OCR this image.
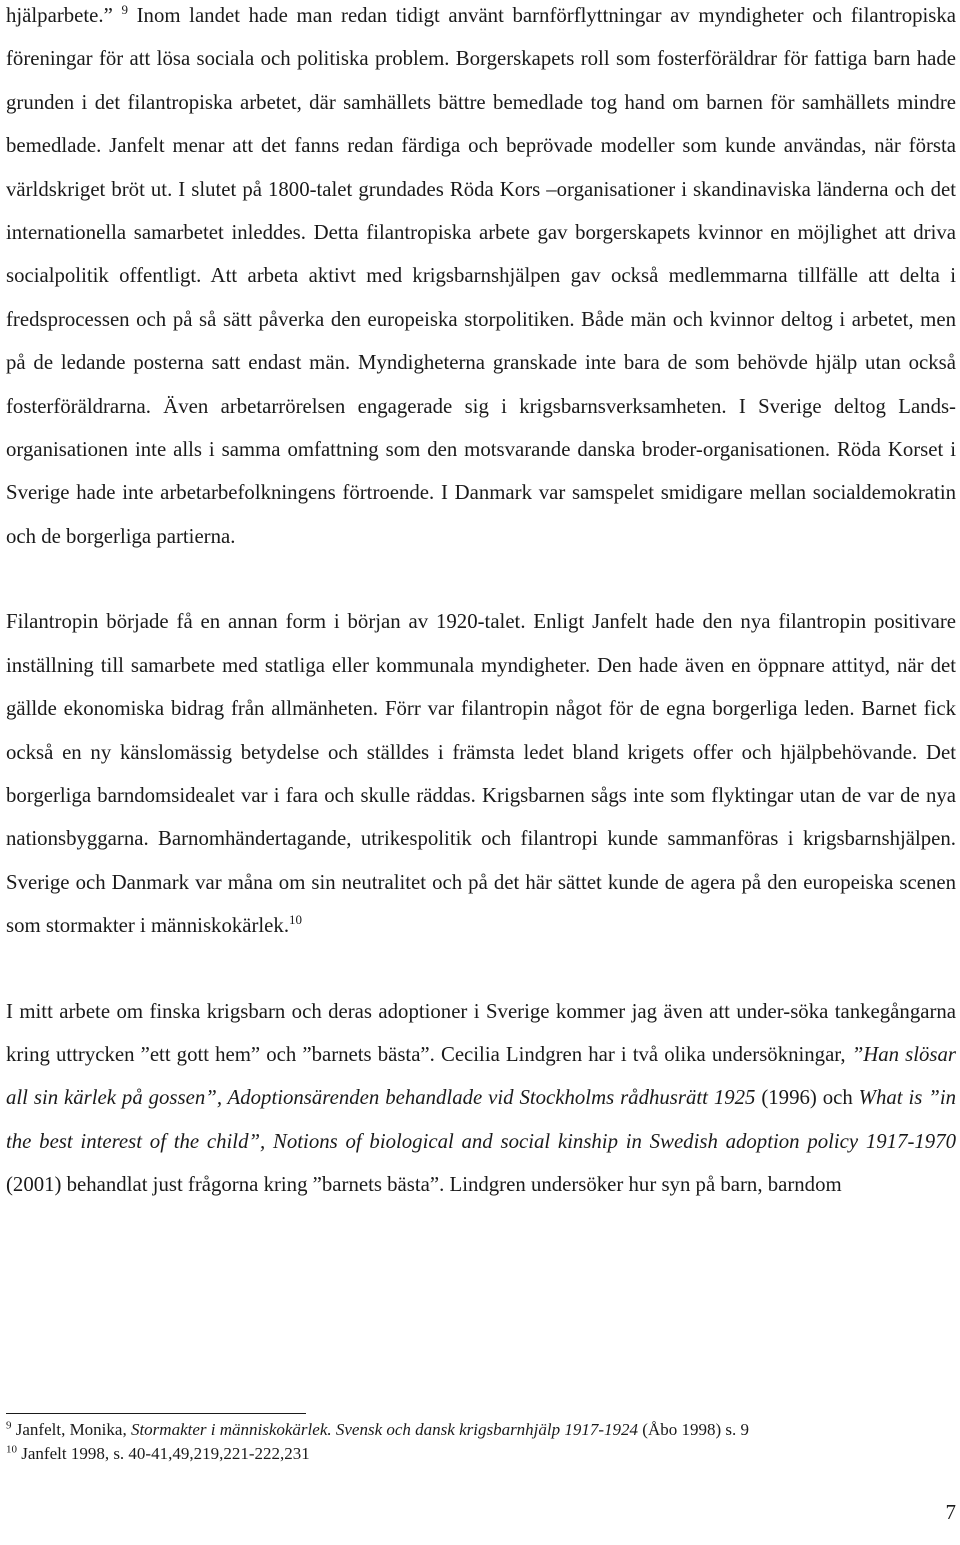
hjälparbete.” $^9$ Inom landet hade man redan tidigt använt barnförflyttningar av myndigheter och filantropiska föreningar för att lösa sociala och politiska problem. Borgerskapets roll som fosterföräldrar för fattiga barn hade grunden i det filantropiska arbetet, där samhällets bättre bemedlade tog hand om barnen för samhällets mindre bemedlade. Janfelt menar att det fanns redan färdiga och beprövade modeller som kunde användas, när första världskriget bröt ut. I slutet på 1800-talet grundades Röda Kors –organisationer i skandinaviska länderna och det internationella samarbetet inleddes. Detta filantropiska arbete gav borgerskapets kvinnor en möjlighet att driva socialpolitik offentligt. Att arbeta aktivt med krigsbarnshjälpen gav också medlemmarna tillfälle att delta i fredsprocessen och på så sätt påverka den europeiska storpolitiken. Både män och kvinnor deltog i arbetet, men på de ledande posterna satt endast män. Myndigheterna granskade inte bara de som behövde hjälp utan också fosterföräldrarna. Även arbetarrörelsen engagerade sig i krigsbarnsverksamheten. I Sverige deltog Lands-organisationen inte alls i samma omfattning som den motsvarande danska broder-organisationen. Röda Korset i Sverige hade inte arbetarbefolkningens förtroende. I Danmark var samspelet smidigare mellan socialdemokratin och de borgerliga partierna.

Filantropin började få en annan form i början av 1920-talet. Enligt Janfelt hade den nya filantropin positivare inställning till samarbete med statliga eller kommunala myndigheter. Den hade även en öppnare attityd, när det gällde ekonomiska bidrag från allmänheten. Förr var filantropin något för de egna borgerliga leden. Barnet fick också en ny känslomässig betydelse och ställdes i främsta ledet bland krigets offer och hjälpbehövande. Det borgerliga barndomsidealet var i fara och skulle räddas. Krigsbarnen sågs inte som flyktingar utan de var de nya nationsbyggarna. Barnomhändertagande, utrikespolitik och filantropi kunde sammanföras i krigsbarnshjälpen. Sverige och Danmark var måna om sin neutralitet och på det här sättet kunde de agera på den europeiska scenen som stormakter i människokärlek.$^{10}$

I mitt arbete om finska krigsbarn och deras adoptioner i Sverige kommer jag även att under-söka tankegångarna kring uttrycken ”ett gott hem” och ”barnets bästa”. Cecilia Lindgren har i två olika undersökningar, ”Han slösar all sin kärlek på gossen”, Adoptionsärenden behandlade vid Stockholms rådhusrätt 1925 (1996) och What is ”in the best interest of the child”, Notions of biological and social kinship in Swedish adoption policy 1917-1970 (2001) behandlat just frågorna kring ”barnets bästa”. Lindgren undersöker hur syn på barn, barndom

$^9$ Janfelt, Monika, Stormakter i människokärlek. Svensk och dansk krigsbarnhjälp 1917-1924 (Åbo 1998) s. 9

$^{10}$ Janfelt 1998, s. 40-41,49,219,221-222,231

7
